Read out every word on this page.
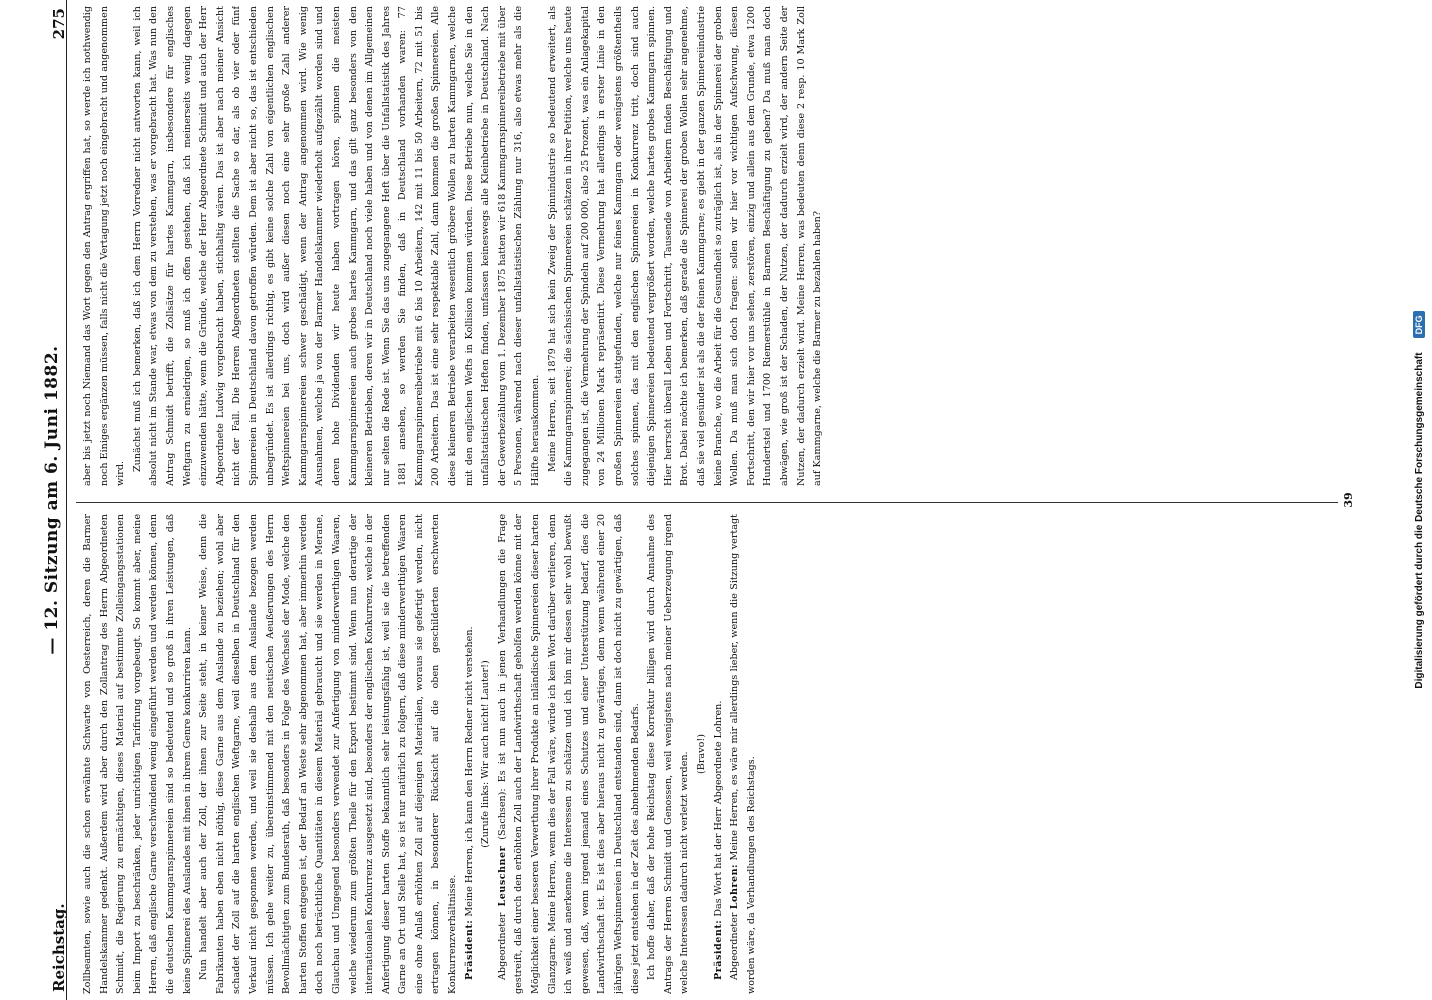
Reichstag.
— 12. Sitzung am 6. Juni 1882.
275

Zollbeamten, sowie auch die schon erwähnte Schwarte von Oesterreich, deren die Barmer Handelskammer gedenkt. Außerdem wird aber durch den Zollantrag des Herrn Abgeordneten Schmidt, die Regierung zu ermächtigen, dieses Material auf bestimmte Zolleingangsstationen beim Import zu beschränken, jeder unrichtigen Tarifirung vorgebeugt. So kommt aber, meine Herren, daß englische Garne verschwindend wenig eingeführt werden und werden können, denn die deutschen Kammgarnspinnereien sind so bedeutend und so groß in ihren Leistungen, daß keine Spinnerei des Auslandes mit ihnen in ihrem Genre konkurriren kann. Nun handelt aber auch der Zoll, der ihnen zur Seite steht, in keiner Weise, denn die Fabrikanten haben eben nicht nöthig, diese Garne aus dem Auslande zu beziehen; wohl aber schadet der Zoll auf die harten englischen Weftgarne, weil dieselben in Deutschland für den Verkauf nicht gesponnen werden, und weil sie deshalb aus dem Auslande bezogen werden müssen. Ich gehe weiter zu, übereinstimmend mit den neutischen Aeußerungen des Herrn Bevollmächtigten zum Bundesrath, daß besonders in Folge des Wechsels der Mode, welche den harten Stoffen entgegen ist, der Bedarf an Weste sehr abgenommen hat, aber immerhin werden doch noch beträchtliche Quantitäten in diesem Material gebraucht und sie werden in Merane, Glauchau und Umgegend besonders verwendet zur Anfertigung von minderwerthigen Waaren, welche wiederum zum größten Theile für den Export bestimmt sind. Wenn nun derartige der internationalen Konkurrenz ausgesetzt sind, besonders der englischen Konkurrenz, welche in der Anfertigung dieser harten Stoffe bekanntlich sehr leistungsfähig ist, weil sie die betreffenden Garne an Ort und Stelle hat, so ist nur natürlich zu folgern, daß diese minderwerthigen Waaren eine ohne Anlaß erhöhten Zoll auf diejenigen Materialien, woraus sie gefertigt werden, nicht ertragen können, in besonderer Rücksicht auf die oben geschilderten erschwerten Konkurrenzverhältnisse. Präsident: Meine Herren, ich kann den Herrn Redner nicht verstehen. (Zurufe links: Wir auch nicht! Lauter!)

Abgeordneter Leuschner (Sachsen): Es ist nun auch in jenen Verhandlungen die Frage gestreift, daß durch den erhöhten Zoll auch der Landwirthschaft geholfen werden könne mit der Möglichkeit einer besseren Verwerthung ihrer Produkte an inländische Spinnereien dieser harten Glanzgarne. Meine Herren, wenn dies der Fall wäre, würde ich kein Wort darüber verlieren, denn ich weiß und anerkenne die Interessen zu schätzen und ich bin mir dessen sehr wohl bewußt gewesen, daß, wenn irgend jemand eines Schutzes und einer Unterstützung bedarf, dies die Landwirthschaft ist. Es ist dies aber hieraus nicht zu gewärtigen, denn wenn während einer 20 jährigen Weftspinnereien in Deutschland entstanden sind, dann ist doch nicht zu gewärtigen, daß diese jetzt entstehen in der Zeit des abnehmenden Bedarfs. Ich hoffe daher, daß der hohe Reichstag diese Korrektur billigen wird durch Annahme des Antrags der Herren Schmidt und Genossen, weil wenigstens nach meiner Ueberzeugung irgend welche Interessen dadurch nicht verletzt werden. (Bravo!)

Präsident: Das Wort hat der Herr Abgeordnete Lohren.

Abgeordneter Lohren: Meine Herren, es wäre mir allerdings lieber, wenn die Sitzung vertagt worden wäre, da Verhandlungen des Reichstags.

aber bis jetzt noch Niemand das Wort gegen den Antrag ergriffen hat, so werde ich nothwendig noch Einiges ergänzen müssen, falls nicht die Vertagung jetzt noch eingebracht und angenommen wird.

Zunächst muß ich bemerken, daß ich dem Herrn Vorredner nicht antworten kann, weil ich absolut nicht im Stande war, etwas von dem zu verstehen, was er vorgebracht hat. Was nun den Antrag Schmidt betrifft, die Zollsätze für hartes Kammgarn, insbesondere für englisches Weftgarn zu erniedrigen, so muß ich offen gestehen, daß ich meinerseits wenig dagegen einzuwenden hätte, wenn die Gründe, welche der Herr Abgeordnete Schmidt und auch der Herr Abgeordnete Ludwig vorgebracht haben, stichhaltig wären. Das ist aber nach meiner Ansicht nicht der Fall. Die Herren Abgeordneten stellten die Sache so dar, als ob vier oder fünf Spinnereien in Deutschland davon getroffen würden. Dem ist aber nicht so, das ist entschieden unbegründet. Es ist allerdings richtig, es gibt keine solche Zahl von eigentlichen englischen Weftspinnereien bei uns, doch wird außer diesen noch eine sehr große Zahl anderer Kammgarnspinnereien schwer geschädigt, wenn der Antrag angenommen wird. Wie wenig Ausnahmen, welche ja von der Barmer Handelskammer wiederholt aufgezählt worden sind und deren hohe Dividenden wir heute haben vortragen hören, spinnen die meisten Kammgarnspinnereien auch grobes hartes Kammgarn, und das gilt ganz besonders von den kleineren Betrieben, deren wir in Deutschland noch viele haben und von denen im Allgemeinen nur selten die Rede ist. Wenn Sie das uns zugegangene Heft über die Unfallstatistik des Jahres 1881 ansehen, so werden Sie finden, daß in Deutschland vorhanden waren: 77 Kammgarnspinnereibetriebe mit 6 bis 10 Arbeitern, 142 mit 11 bis 50 Arbeitern, 72 mit 51 bis 200 Arbeitern. Das ist eine sehr respektable Zahl, dann kommen die großen Spinnereien. Alle diese kleineren Betriebe verarbeiten wesentlich gröbere Wollen zu harten Kammgarnen, welche mit den englischen Wefts in Kollision kommen würden. Diese Betriebe nun, welche Sie in den unfallstatistischen Heften finden, umfassen keineswegs alle Kleinbetriebe in Deutschland. Nach der Gewerbezählung vom 1. Dezember 1875 hatten wir 618 Kammgarnspinnereibetriebe mit über 5 Personen, während nach dieser unfallstatistischen Zählung nur 316, also etwas mehr als die Hälfte herauskommen. Meine Herren, seit 1879 hat sich kein Zweig der Spinnindustrie so bedeutend erweitert, als die Kammgarnspinnerei; die sächsischen Spinnereien schätzen in ihrer Petition, welche uns heute zugegangen ist, die Vermehrung der Spindeln auf 200 000, also 25 Prozent, was ein Anlagekapital von 24 Millionen Mark repräsentirt. Diese Vermehrung hat allerdings in erster Linie in den großen Spinnereien stattgefunden, welche nur feines Kammgarn oder wenigstens größtentheils solches spinnen, das mit den englischen Spinnereien in Konkurrenz tritt, doch sind auch diejenigen Spinnereien bedeutend vergrößert worden, welche hartes grobes Kammgarn spinnen. Hier herrscht überall Leben und Fortschritt, Tausende von Arbeitern finden Beschäftigung und Brot. Dabei möchte ich bemerken, daß gerade die Spinnerei der groben Wollen sehr angenehme, daß sie viel gesünder ist als die der feinen Kammgarne; es giebt in der ganzen Spinnereiindustrie keine Branche, wo die Arbeit für die Gesundheit so zuträglich ist, als in der Spinnerei der groben Wollen. Da muß man sich doch fragen: sollen wir hier vor wichtigen Aufschwung, diesen Fortschritt, den wir hier vor uns sehen, zerstören, einzig und allein aus dem Grunde, etwa 1200 Hundertstel und 1700 Riemerstühle in Barmen Beschäftigung zu geben? Da muß man doch abwägen, wie groß ist der Schaden, der Nutzen, der dadurch erzielt wird, der andern Seite der Nutzen, der dadurch erzielt wird. Meine Herren, was bedeuten denn diese 2 resp. 10 Mark Zoll auf Kammgarne, welche die Barmer zu bezahlen haben?

39	Digitalisierung gefördert durch die Deutsche Forschungsgemeinschaft
DFG
